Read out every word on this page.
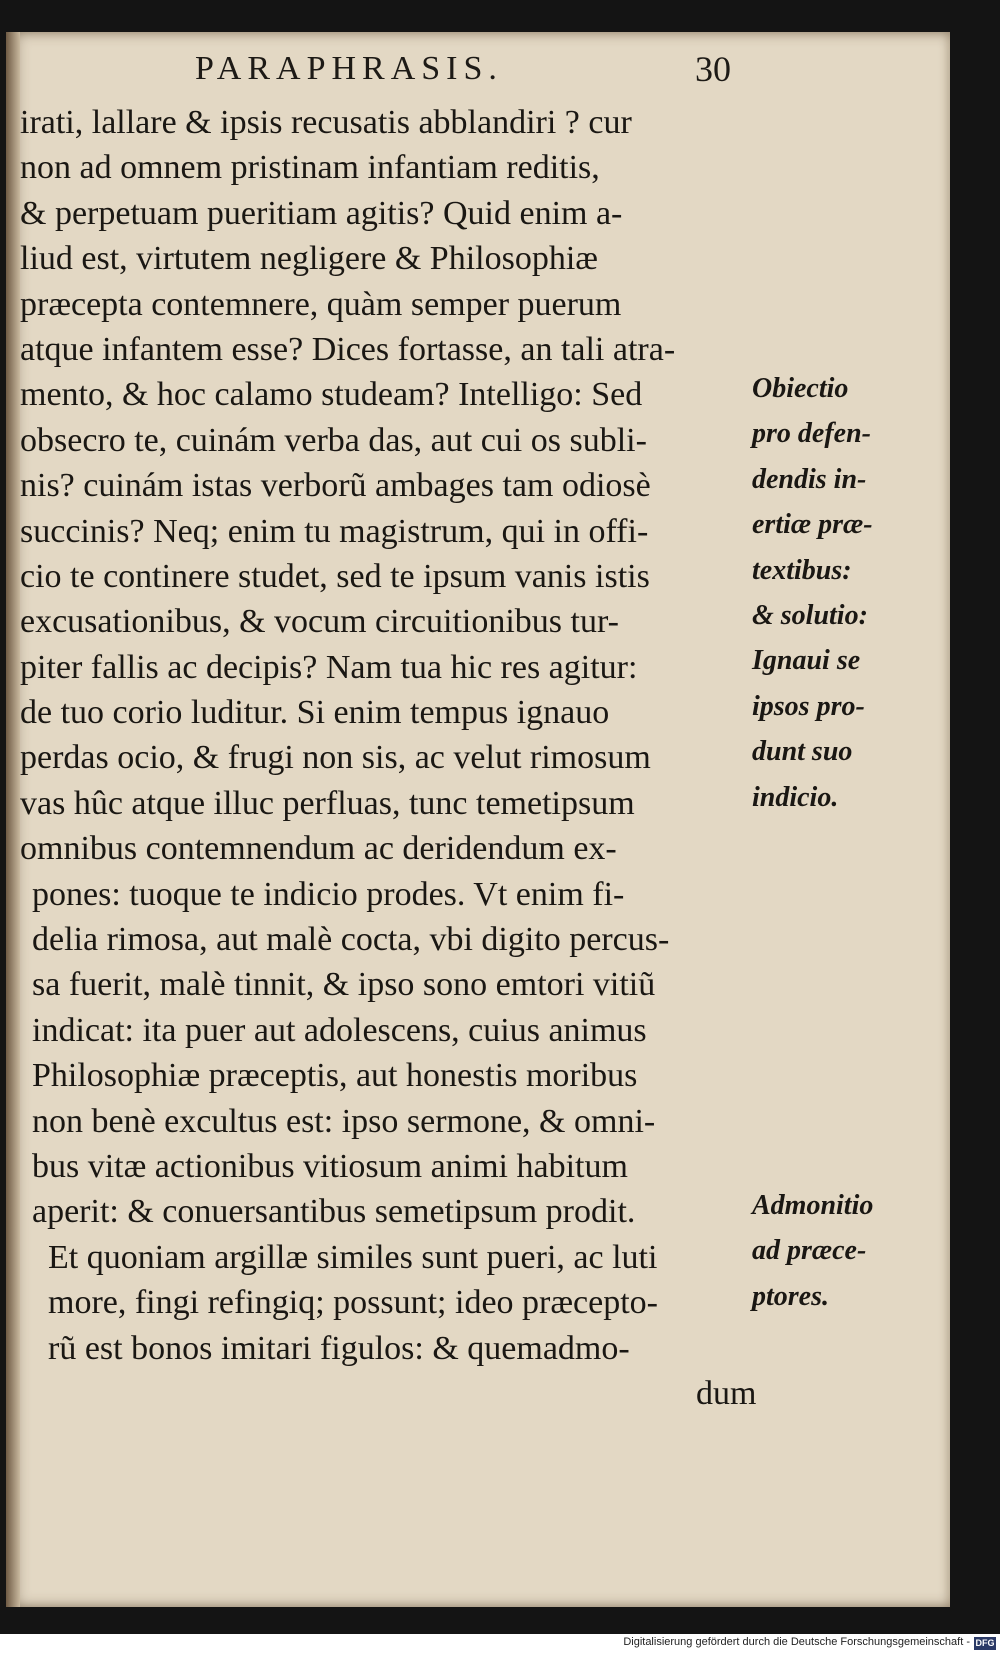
PARAPHRASIS.	30
irati, lallare & ipsis recusatis abblandiri ? cur
non ad omnem pristinam infantiam reditis,
& perpetuam pueritiam agitis? Quid enim a-
liud est, virtutem negligere & Philosophiæ
præcepta contemnere, quàm semper puerum
atque infantem esse? Dices fortasse, an tali atra-
mento, & hoc calamo studeam? Intelligo: Sed
obsecro te, cuinám verba das, aut cui os subli-
nis? cuinám istas verborũ ambages tam odiosè
succinis? Neq; enim tu magistrum, qui in offi-
cio te continere studet, sed te ipsum vanis istis
excusationibus, & vocum circuitionibus tur-
piter fallis ac decipis? Nam tua hic res agitur:
de tuo corio luditur. Si enim tempus ignauo
perdas ocio, & frugi non sis, ac velut rimosum
vas hûc atque illuc perfluas, tunc temetipsum
omnibus contemnendum ac deridendum ex-
pones: tuoque te indicio prodes. Vt enim fi-
delia rimosa, aut malè cocta, vbi digito percus-
sa fuerit, malè tinnit, & ipso sono emtori vitiũ
indicat: ita puer aut adolescens, cuius animus
Philosophiæ præceptis, aut honestis moribus
non benè excultus est: ipso sermone, & omni-
bus vitæ actionibus vitiosum animi habitum
aperit: & conuersantibus semetipsum prodit.
Et quoniam argillæ similes sunt pueri, ac luti
more, fingi refingiq; possunt; ideo præcepto-
rũ est bonos imitari figulos: & quemadmo-
dum
Obiectio
pro defen-
dendis in-
ertiæ præ-
textibus:
& solutio:
Ignaui se
ipsos pro-
dunt suo
indicio.
Admonitio
ad præce-
ptores.
Digitalisierung gefördert durch die Deutsche Forschungsgemeinschaft - DFG
